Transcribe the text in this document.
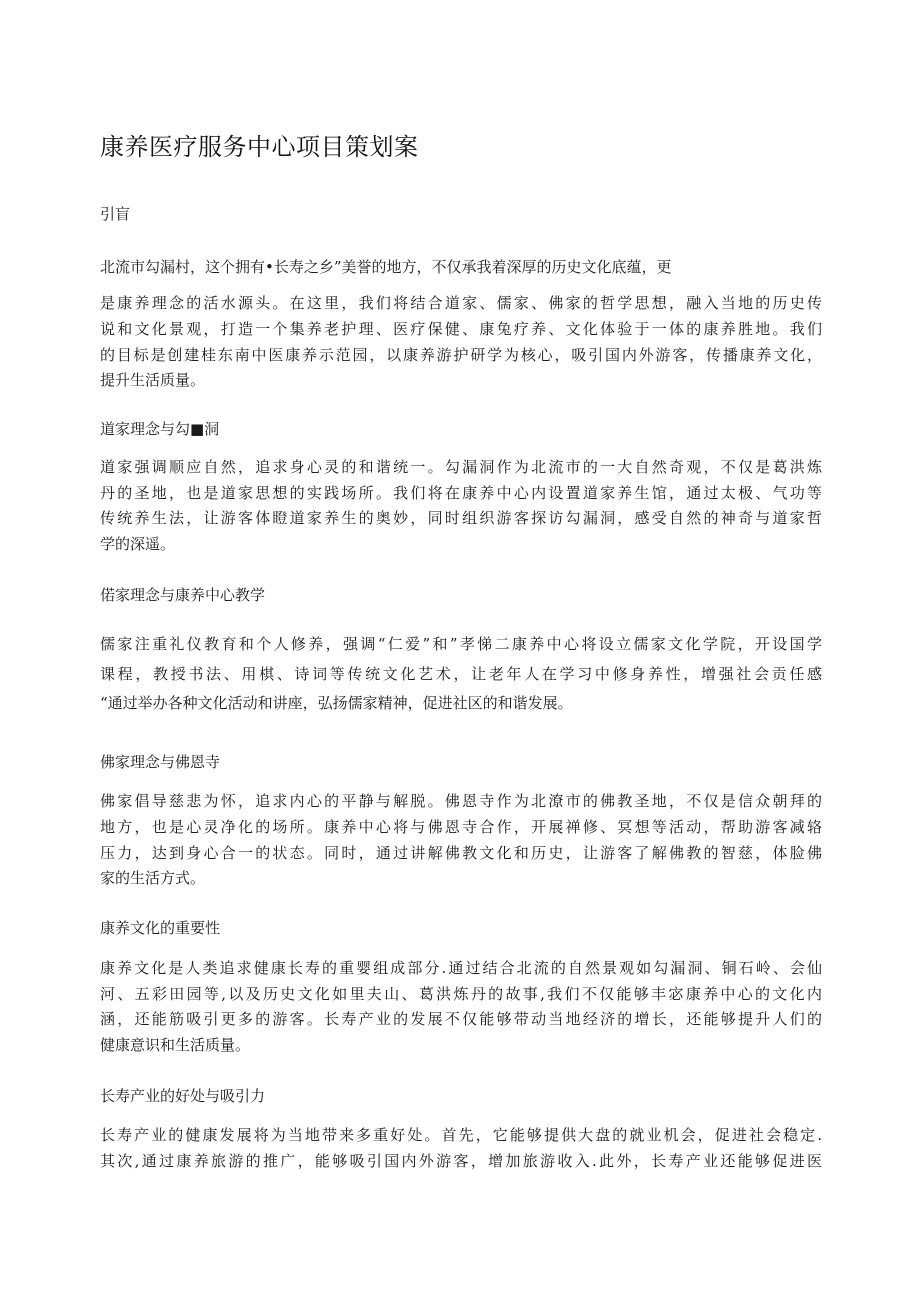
康养医疗服务中心项目策划案
引盲

北流市勾漏村，这个拥有•长寿之乡”美誉的地方，不仅承我着深厚的历史文化底蕴，更

是康养理念的活水源头。在这里，我们将结合道家、儒家、佛家的哲学思想，融入当地的历史传

说和文化景观，打造一个集养老护理、医疗保健、康兔疗养、文化体验于一体的康养胜地。我们

的目标是创建桂东南中医康养示范园，以康养游护研学为核心，吸引国内外游客，传播康养文化，

提升生活质量。

道家理念与勾■洞

道家强调顺应自然，追求身心灵的和谐统一。勾漏洞作为北流市的一大自然奇观，不仅是葛洪炼

丹的圣地，也是道家思想的实践场所。我们将在康养中心内设置道家养生馆，通过太极、气功等

传统养生法，让游客体瞪道家养生的奥妙，同时组织游客探访勾漏洞，感受自然的神奇与道家哲

学的深遥。

偌家理念与康养中心教学

儒家注重礼仪教育和个人修养，强调“仁爱”和”孝悌二康养中心将设立儒家文化学院，开设国学

课程，教授书法、用棋、诗词等传统文化艺术，让老年人在学习中修身养性，增强社会贡任感

“通过举办各种文化活动和讲座，弘扬儒家精神，促进社区的和谐发展。

佛家理念与佛恩寺

佛家倡导慈悲为怀，追求内心的平静与解脱。佛恩寺作为北潦市的佛教圣地，不仅是信众朝拜的

地方，也是心灵净化的场所。康养中心将与佛恩寺合作，开展禅修、冥想等活动，帮助游客减辂

压力，达到身心合一的状态。同时，通过讲解佛教文化和历史，让游客了解佛教的智慈，体脸佛

家的生活方式。

康养文化的重要性

康养文化是人类追求健康长寿的重婴组成部分.通过结合北流的自然景观如勾漏洞、铜石岭、会仙

河、五彩田园等,以及历史文化如里夫山、葛洪炼丹的故事,我们不仅能够丰宓康养中心的文化内

涵，还能筋吸引更多的游客。长寿产业的发展不仅能够带动当地经济的增长，还能够提升人们的

健康意识和生活质量。

长寿产业的好处与吸引力

长寿产业的健康发展将为当地带来多重好处。首先，它能够提供大盘的就业机会，促进社会稳定.

其次,通过康养旅游的推广，能够吸引国内外游客，增加旅游收入.此外，长寿产业还能够促进医
